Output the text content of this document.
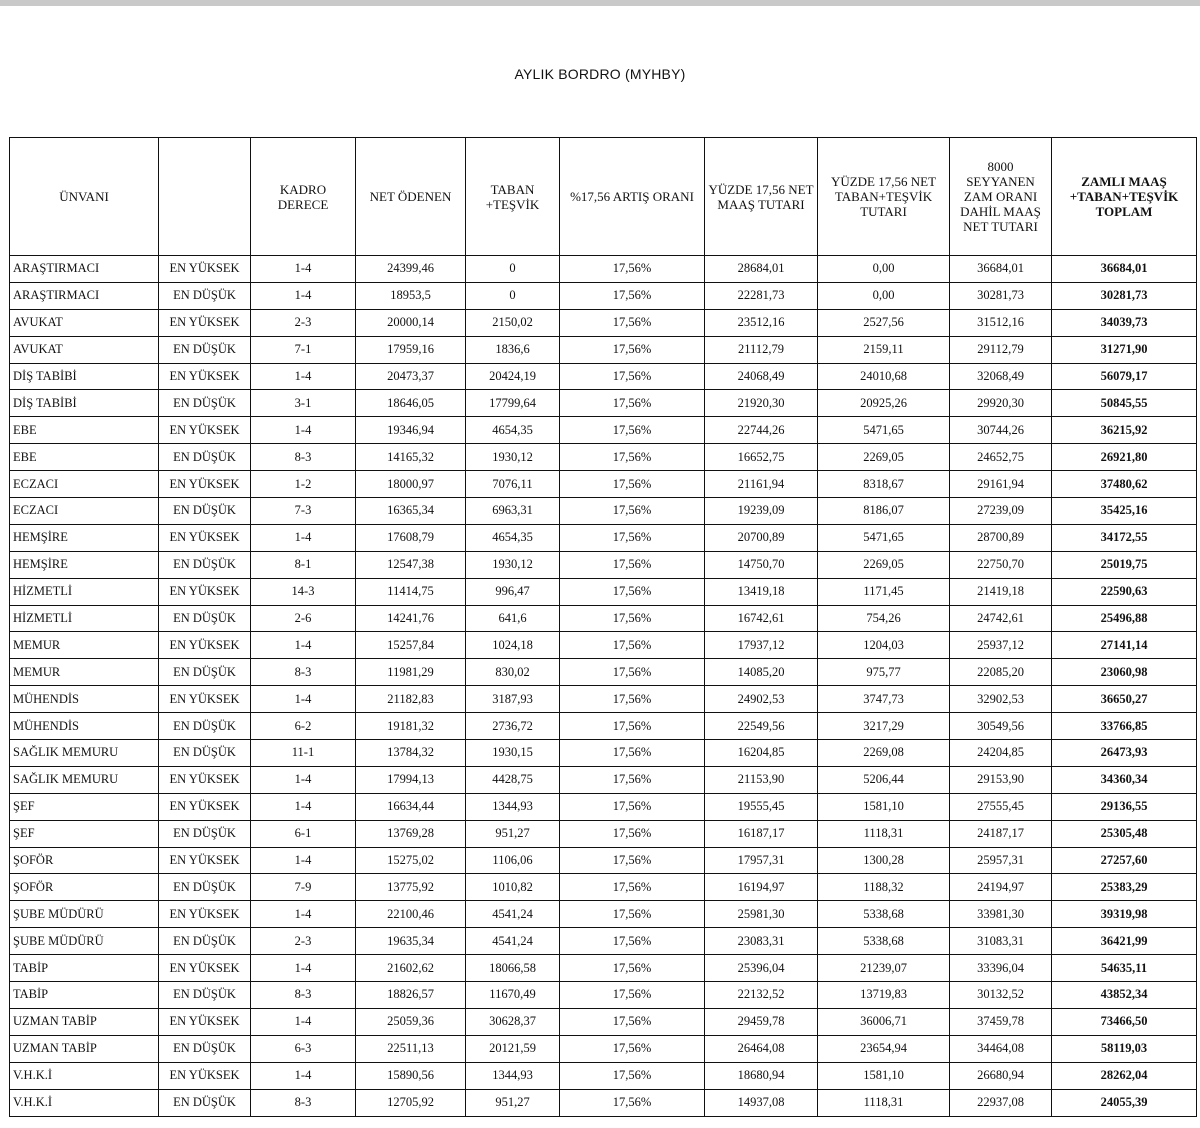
AYLIK BORDRO (MYHBY)
ÜNVANI		KADRO DERECE	NET ÖDENEN	TABAN +TEŞVİK	%17,56 ARTIŞ ORANI	YÜZDE 17,56 NET MAAŞ TUTARI	YÜZDE 17,56 NET TABAN+TEŞVİK TUTARI	8000 SEYYANEN ZAM ORANI DAHİL MAAŞ NET TUTARI	ZAMLI MAAŞ +TABAN+TEŞVİK TOPLAM
ARAŞTIRMACI	EN YÜKSEK	1-4	24399,46	0	17,56%	28684,01	0,00	36684,01	36684,01
ARAŞTIRMACI	EN DÜŞÜK	1-4	18953,5	0	17,56%	22281,73	0,00	30281,73	30281,73
AVUKAT	EN YÜKSEK	2-3	20000,14	2150,02	17,56%	23512,16	2527,56	31512,16	34039,73
AVUKAT	EN DÜŞÜK	7-1	17959,16	1836,6	17,56%	21112,79	2159,11	29112,79	31271,90
DİŞ TABİBİ	EN YÜKSEK	1-4	20473,37	20424,19	17,56%	24068,49	24010,68	32068,49	56079,17
DİŞ TABİBİ	EN DÜŞÜK	3-1	18646,05	17799,64	17,56%	21920,30	20925,26	29920,30	50845,55
EBE	EN YÜKSEK	1-4	19346,94	4654,35	17,56%	22744,26	5471,65	30744,26	36215,92
EBE	EN DÜŞÜK	8-3	14165,32	1930,12	17,56%	16652,75	2269,05	24652,75	26921,80
ECZACI	EN YÜKSEK	1-2	18000,97	7076,11	17,56%	21161,94	8318,67	29161,94	37480,62
ECZACI	EN DÜŞÜK	7-3	16365,34	6963,31	17,56%	19239,09	8186,07	27239,09	35425,16
HEMŞİRE	EN YÜKSEK	1-4	17608,79	4654,35	17,56%	20700,89	5471,65	28700,89	34172,55
HEMŞİRE	EN DÜŞÜK	8-1	12547,38	1930,12	17,56%	14750,70	2269,05	22750,70	25019,75
HİZMETLİ	EN YÜKSEK	14-3	11414,75	996,47	17,56%	13419,18	1171,45	21419,18	22590,63
HİZMETLİ	EN DÜŞÜK	2-6	14241,76	641,6	17,56%	16742,61	754,26	24742,61	25496,88
MEMUR	EN YÜKSEK	1-4	15257,84	1024,18	17,56%	17937,12	1204,03	25937,12	27141,14
MEMUR	EN DÜŞÜK	8-3	11981,29	830,02	17,56%	14085,20	975,77	22085,20	23060,98
MÜHENDİS	EN YÜKSEK	1-4	21182,83	3187,93	17,56%	24902,53	3747,73	32902,53	36650,27
MÜHENDİS	EN DÜŞÜK	6-2	19181,32	2736,72	17,56%	22549,56	3217,29	30549,56	33766,85
SAĞLIK MEMURU	EN DÜŞÜK	11-1	13784,32	1930,15	17,56%	16204,85	2269,08	24204,85	26473,93
SAĞLIK MEMURU	EN YÜKSEK	1-4	17994,13	4428,75	17,56%	21153,90	5206,44	29153,90	34360,34
ŞEF	EN YÜKSEK	1-4	16634,44	1344,93	17,56%	19555,45	1581,10	27555,45	29136,55
ŞEF	EN DÜŞÜK	6-1	13769,28	951,27	17,56%	16187,17	1118,31	24187,17	25305,48
ŞOFÖR	EN YÜKSEK	1-4	15275,02	1106,06	17,56%	17957,31	1300,28	25957,31	27257,60
ŞOFÖR	EN DÜŞÜK	7-9	13775,92	1010,82	17,56%	16194,97	1188,32	24194,97	25383,29
ŞUBE MÜDÜRÜ	EN YÜKSEK	1-4	22100,46	4541,24	17,56%	25981,30	5338,68	33981,30	39319,98
ŞUBE MÜDÜRÜ	EN DÜŞÜK	2-3	19635,34	4541,24	17,56%	23083,31	5338,68	31083,31	36421,99
TABİP	EN YÜKSEK	1-4	21602,62	18066,58	17,56%	25396,04	21239,07	33396,04	54635,11
TABİP	EN DÜŞÜK	8-3	18826,57	11670,49	17,56%	22132,52	13719,83	30132,52	43852,34
UZMAN TABİP	EN YÜKSEK	1-4	25059,36	30628,37	17,56%	29459,78	36006,71	37459,78	73466,50
UZMAN TABİP	EN DÜŞÜK	6-3	22511,13	20121,59	17,56%	26464,08	23654,94	34464,08	58119,03
V.H.K.İ	EN YÜKSEK	1-4	15890,56	1344,93	17,56%	18680,94	1581,10	26680,94	28262,04
V.H.K.İ	EN DÜŞÜK	8-3	12705,92	951,27	17,56%	14937,08	1118,31	22937,08	24055,39
